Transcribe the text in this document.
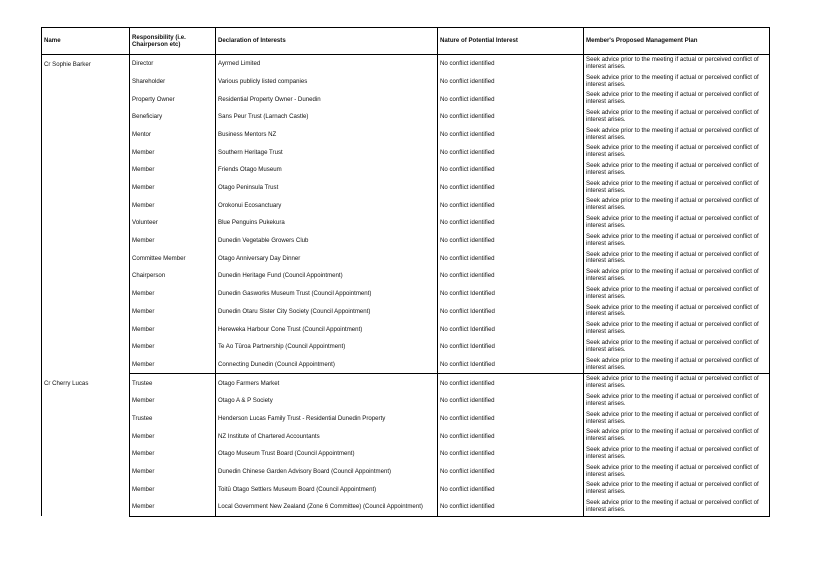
Name	Responsibility (i.e. Chairperson etc)	Declaration of Interests	Nature of Potential Interest	Member's Proposed Management Plan
Cr Sophie Barker	Director	Ayrmed Limited	No conflict identified	Seek advice prior to the meeting if actual or perceived conflict of interest arises.
	Shareholder	Various publicly listed companies	No conflict identified	Seek advice prior to the meeting if actual or perceived conflict of interest arises.
	Property Owner	Residential Property Owner - Dunedin	No conflict identified	Seek advice prior to the meeting if actual or perceived conflict of interest arises.
	Beneficiary	Sans Peur Trust (Larnach Castle)	No conflict identified	Seek advice prior to the meeting if actual or perceived conflict of interest arises.
	Mentor	Business Mentors NZ	No conflict identified	Seek advice prior to the meeting if actual or perceived conflict of interest arises.
	Member	Southern Heritage Trust	No conflict identified	Seek advice prior to the meeting if actual or perceived conflict of interest arises.
	Member	Friends Otago Museum	No conflict identified	Seek advice prior to the meeting if actual or perceived conflict of interest arises.
	Member	Otago Peninsula Trust	No conflict identified	Seek advice prior to the meeting if actual or perceived conflict of interest arises.
	Member	Orokonui Ecosanctuary	No conflict identified	Seek advice prior to the meeting if actual or perceived conflict of interest arises.
	Volunteer	Blue Penguins Pukekura	No conflict identified	Seek advice prior to the meeting if actual or perceived conflict of interest arises.
	Member	Dunedin Vegetable Growers Club	No conflict identified	Seek advice prior to the meeting if actual or perceived conflict of interest arises.
	Committee Member	Otago Anniversary Day Dinner	No conflict identified	Seek advice prior to the meeting if actual or perceived conflict of interest arises.
	Chairperson	Dunedin Heritage Fund (Council Appointment)	No conflict identified	Seek advice prior to the meeting if actual or perceived conflict of interest arises.
	Member	Dunedin Gasworks Museum Trust (Council Appointment)	No conflict Identified	Seek advice prior to the meeting if actual or perceived conflict of interest arises.
	Member	Dunedin Otaru Sister City Society (Council Appointment)	No conflict Identified	Seek advice prior to the meeting if actual or perceived conflict of interest arises.
	Member	Hereweka Harbour Cone Trust (Council Appointment)	No conflict Identified	Seek advice prior to the meeting if actual or perceived conflict of interest arises.
	Member	Te Ao Tūroa Partnership (Council Appointment)	No conflict Identified	Seek advice prior to the meeting if actual or perceived conflict of interest arises.
	Member	Connecting Dunedin (Council Appointment)	No conflict Identified	Seek advice prior to the meeting if actual or perceived conflict of interest arises.
Cr Cherry Lucas	Trustee	Otago Farmers Market	No conflict identified	Seek advice prior to the meeting if actual or perceived conflict of interest arises.
	Member	Otago A & P Society	No conflict identified	Seek advice prior to the meeting if actual or perceived conflict of interest arises.
	Trustee	Henderson Lucas Family Trust - Residential Dunedin Property	No conflict identified	Seek advice prior to the meeting if actual or perceived conflict of interest arises.
	Member	NZ Institute of Chartered Accountants	No conflict identified	Seek advice prior to the meeting if actual or perceived conflict of interest arises.
	Member	Otago Museum Trust Board (Council Appointment)	No conflict identified	Seek advice prior to the meeting if actual or perceived conflict of interest arises.
	Member	Dunedin Chinese Garden Advisory Board (Council Appointment)	No conflict identified	Seek advice prior to the meeting if actual or perceived conflict of interest arises.
	Member	Toitū Otago Settlers Museum Board (Council Appointment)	No conflict identified	Seek advice prior to the meeting if actual or perceived conflict of interest arises.
	Member	Local Government New Zealand (Zone 6 Committee) (Council Appointment)	No conflict identified	Seek advice prior to the meeting if actual or perceived conflict of interest arises.
